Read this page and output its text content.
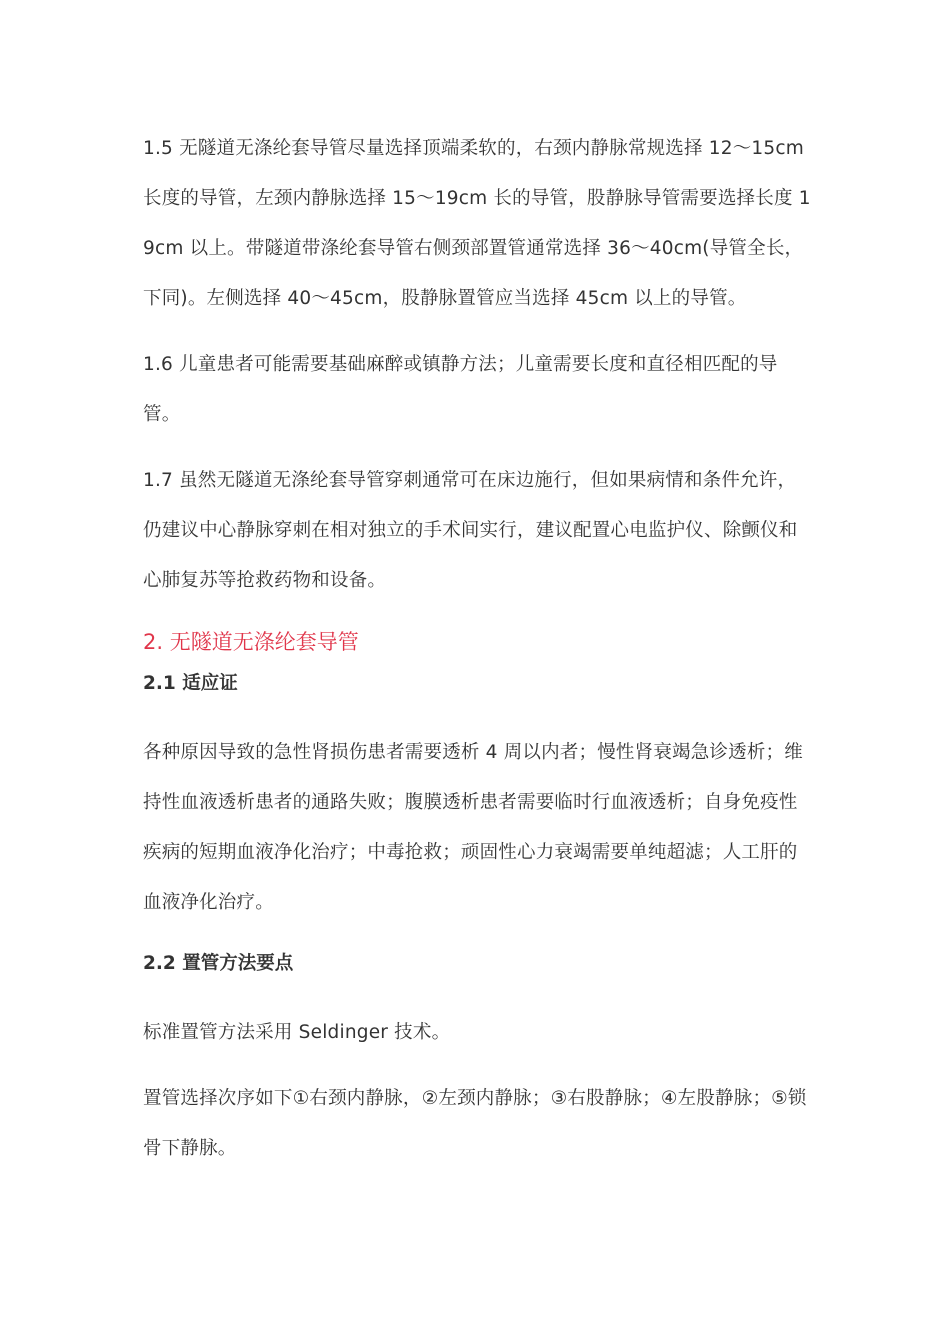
1.5 无隧道无涤纶套导管尽量选择顶端柔软的，右颈内静脉常规选择 12～15cm 长度的导管，左颈内静脉选择 15～19cm 长的导管，股静脉导管需要选择长度 19cm 以上。带隧道带涤纶套导管右侧颈部置管通常选择 36～40cm(导管全长，下同)。左侧选择 40～45cm，股静脉置管应当选择 45cm 以上的导管。

1.6 儿童患者可能需要基础麻醉或镇静方法；儿童需要长度和直径相匹配的导管。

1.7 虽然无隧道无涤纶套导管穿刺通常可在床边施行，但如果病情和条件允许，仍建议中心静脉穿刺在相对独立的手术间实行，建议配置心电监护仪、除颤仪和心肺复苏等抢救药物和设备。

2. 无隧道无涤纶套导管
2.1 适应证

各种原因导致的急性肾损伤患者需要透析 4 周以内者；慢性肾衰竭急诊透析；维持性血液透析患者的通路失败；腹膜透析患者需要临时行血液透析；自身免疫性疾病的短期血液净化治疗；中毒抢救；顽固性心力衰竭需要单纯超滤；人工肝的血液净化治疗。

2.2 置管方法要点

标准置管方法采用 Seldinger 技术。

置管选择次序如下①右颈内静脉，②左颈内静脉；③右股静脉；④左股静脉；⑤锁骨下静脉。
